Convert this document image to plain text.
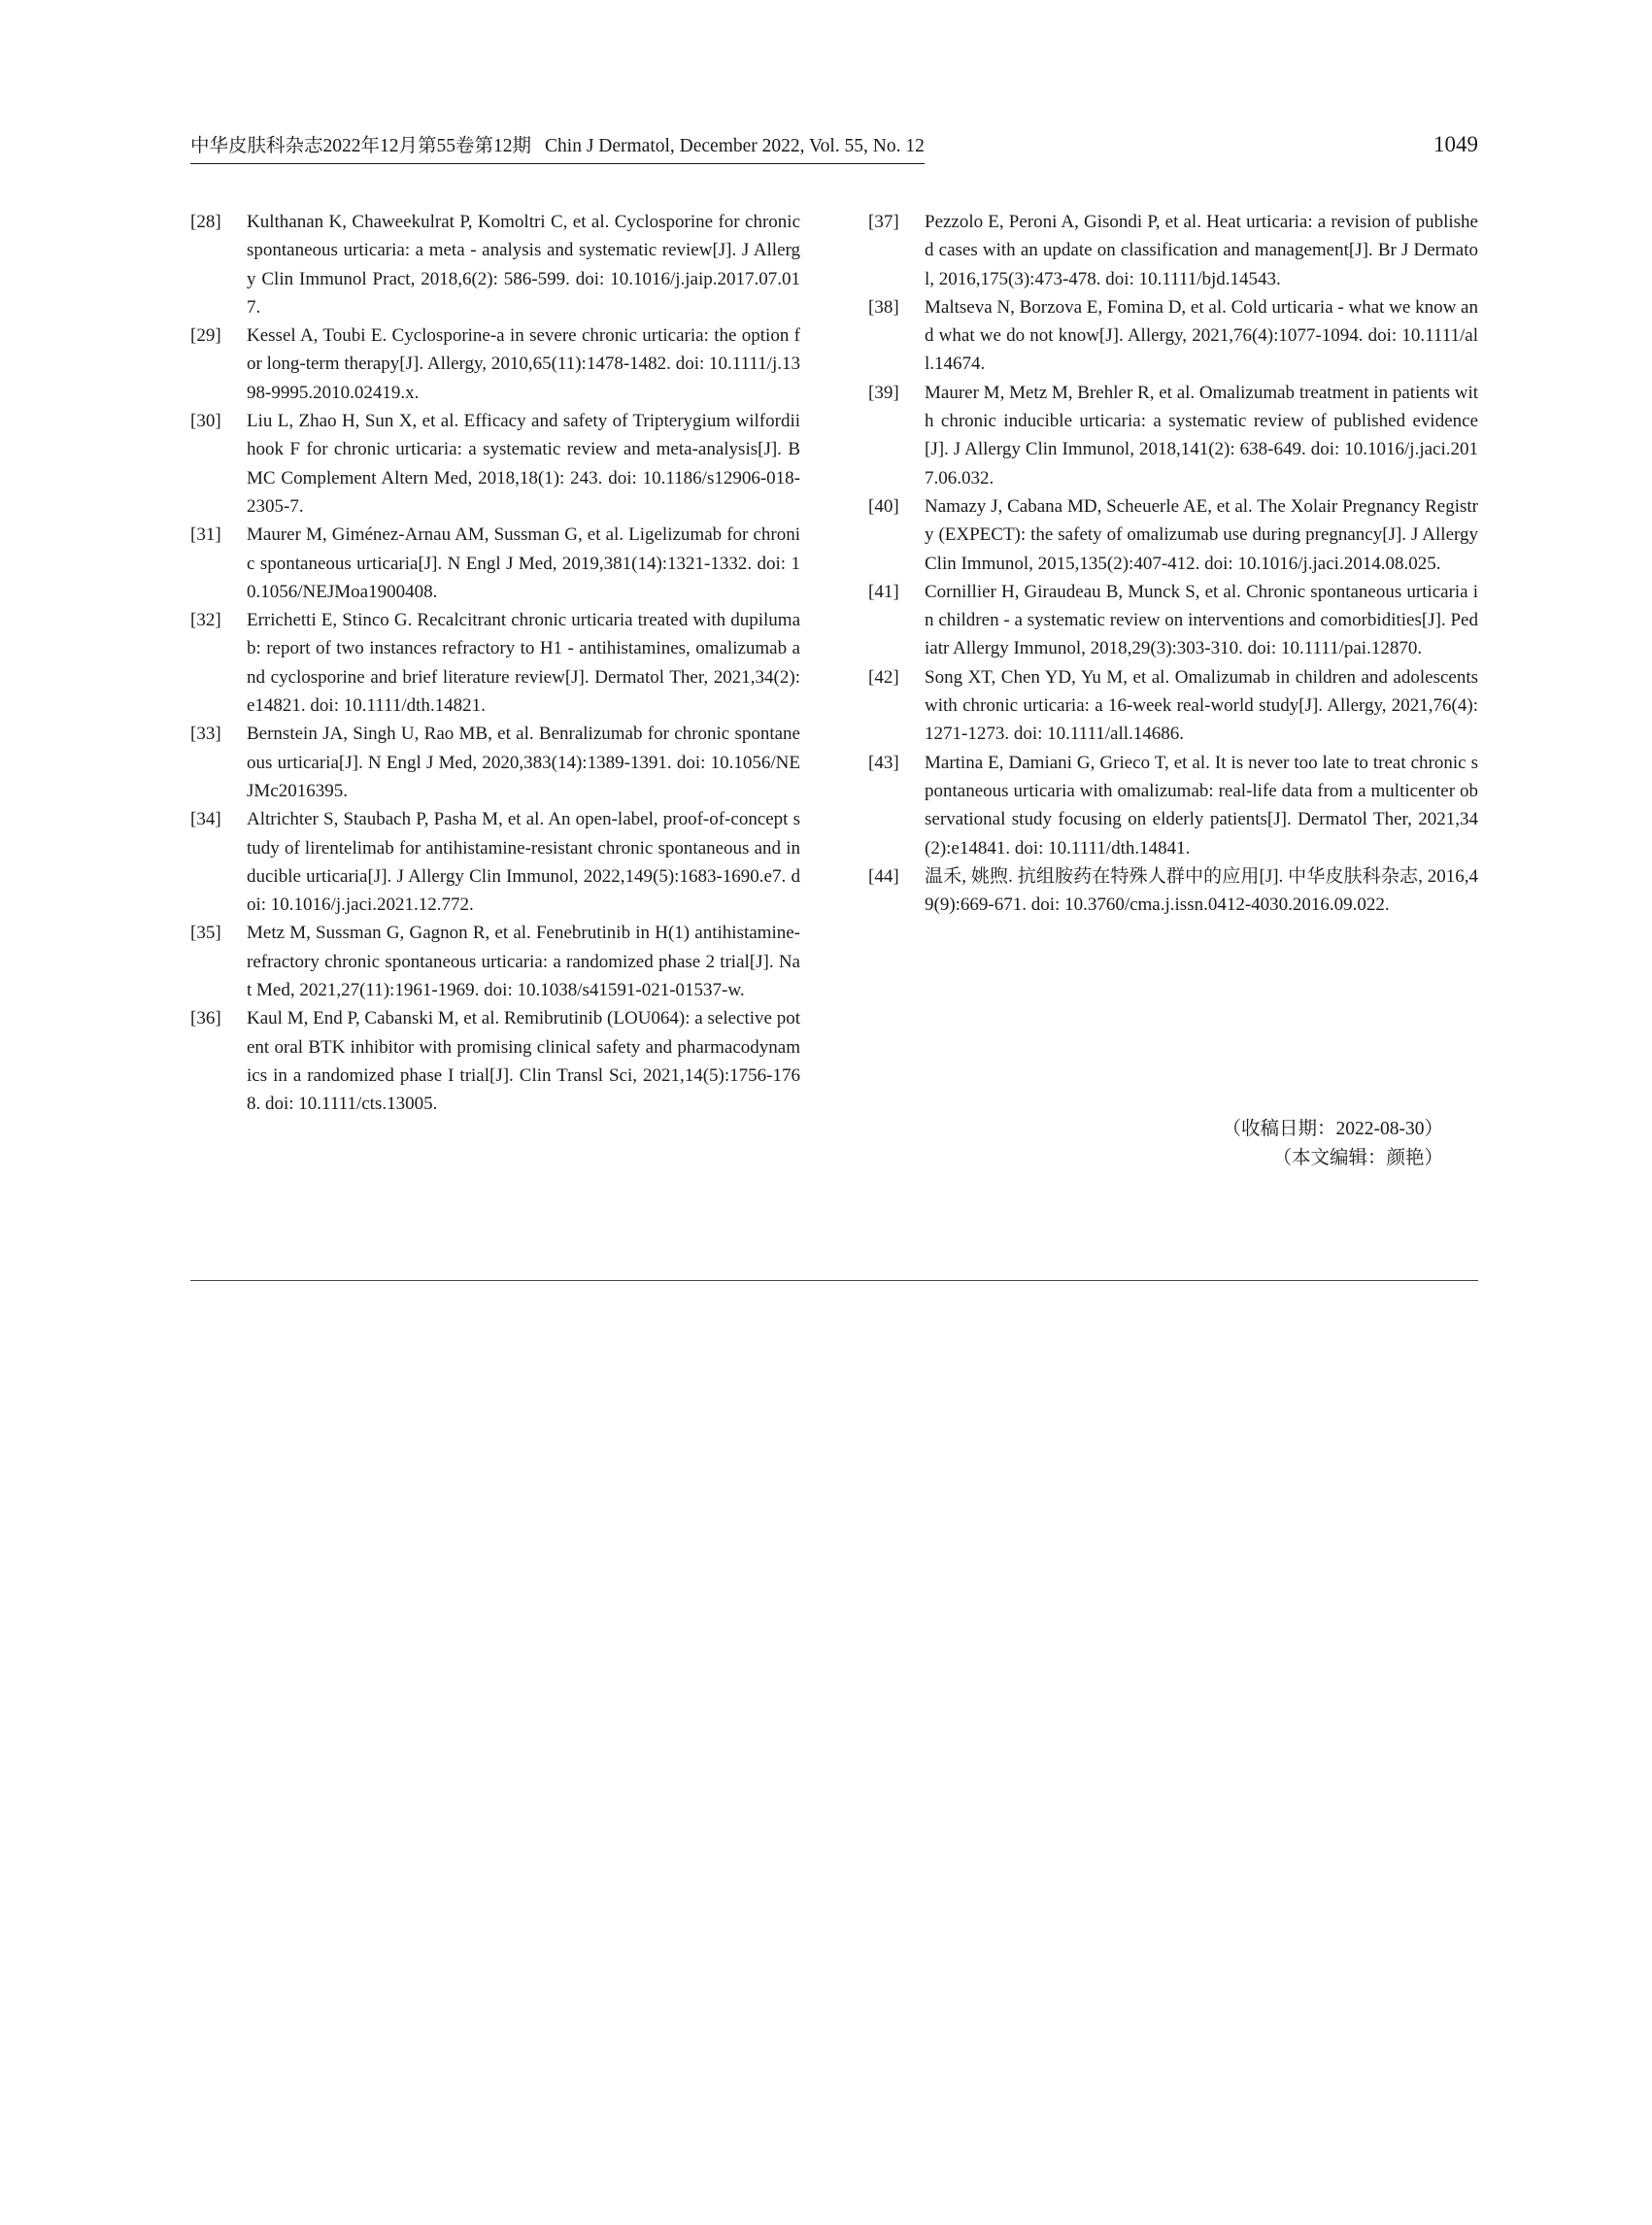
中华皮肤科杂志2022年12月第55卷第12期 Chin J Dermatol, December 2022, Vol. 55, No. 12	1049

[28] Kulthanan K, Chaweekulrat P, Komoltri C, et al. Cyclosporine for chronic spontaneous urticaria: a meta - analysis and systematic review[J]. J Allergy Clin Immunol Pract, 2018,6(2): 586-599. doi: 10.1016/j.jaip.2017.07.017.

[29] Kessel A, Toubi E. Cyclosporine-a in severe chronic urticaria: the option for long-term therapy[J]. Allergy, 2010,65(11):1478-1482. doi: 10.1111/j.1398-9995.2010.02419.x.

[30] Liu L, Zhao H, Sun X, et al. Efficacy and safety of Tripterygium wilfordii hook F for chronic urticaria: a systematic review and meta-analysis[J]. BMC Complement Altern Med, 2018,18(1): 243. doi: 10.1186/s12906-018-2305-7.

[31] Maurer M, Giménez-Arnau AM, Sussman G, et al. Ligelizumab for chronic spontaneous urticaria[J]. N Engl J Med, 2019,381(14):1321-1332. doi: 10.1056/NEJMoa1900408.

[32] Errichetti E, Stinco G. Recalcitrant chronic urticaria treated with dupilumab: report of two instances refractory to H1 - antihistamines, omalizumab and cyclosporine and brief literature review[J]. Dermatol Ther, 2021,34(2):e14821. doi: 10.1111/dth.14821.

[33] Bernstein JA, Singh U, Rao MB, et al. Benralizumab for chronic spontaneous urticaria[J]. N Engl J Med, 2020,383(14):1389-1391. doi: 10.1056/NEJMc2016395.

[34] Altrichter S, Staubach P, Pasha M, et al. An open-label, proof-of-concept study of lirentelimab for antihistamine-resistant chronic spontaneous and inducible urticaria[J]. J Allergy Clin Immunol, 2022,149(5):1683-1690.e7. doi: 10.1016/j.jaci.2021.12.772.

[35] Metz M, Sussman G, Gagnon R, et al. Fenebrutinib in H(1) antihistamine-refractory chronic spontaneous urticaria: a randomized phase 2 trial[J]. Nat Med, 2021,27(11):1961-1969. doi: 10.1038/s41591-021-01537-w.

[36] Kaul M, End P, Cabanski M, et al. Remibrutinib (LOU064): a selective potent oral BTK inhibitor with promising clinical safety and pharmacodynamics in a randomized phase I trial[J]. Clin Transl Sci, 2021,14(5):1756-1768. doi: 10.1111/cts.13005.

[37] Pezzolo E, Peroni A, Gisondi P, et al. Heat urticaria: a revision of published cases with an update on classification and management[J]. Br J Dermatol, 2016,175(3):473-478. doi: 10.1111/bjd.14543.

[38] Maltseva N, Borzova E, Fomina D, et al. Cold urticaria - what we know and what we do not know[J]. Allergy, 2021,76(4):1077-1094. doi: 10.1111/all.14674.

[39] Maurer M, Metz M, Brehler R, et al. Omalizumab treatment in patients with chronic inducible urticaria: a systematic review of published evidence[J]. J Allergy Clin Immunol, 2018,141(2): 638-649. doi: 10.1016/j.jaci.2017.06.032.

[40] Namazy J, Cabana MD, Scheuerle AE, et al. The Xolair Pregnancy Registry (EXPECT): the safety of omalizumab use during pregnancy[J]. J Allergy Clin Immunol, 2015,135(2):407-412. doi: 10.1016/j.jaci.2014.08.025.

[41] Cornillier H, Giraudeau B, Munck S, et al. Chronic spontaneous urticaria in children - a systematic review on interventions and comorbidities[J]. Pediatr Allergy Immunol, 2018,29(3):303-310. doi: 10.1111/pai.12870.

[42] Song XT, Chen YD, Yu M, et al. Omalizumab in children and adolescents with chronic urticaria: a 16-week real-world study[J]. Allergy, 2021,76(4):1271-1273. doi: 10.1111/all.14686.

[43] Martina E, Damiani G, Grieco T, et al. It is never too late to treat chronic spontaneous urticaria with omalizumab: real-life data from a multicenter observational study focusing on elderly patients[J]. Dermatol Ther, 2021,34(2):e14841. doi: 10.1111/dth.14841.

[44] 温禾, 姚煦. 抗组胺药在特殊人群中的应用[J]. 中华皮肤科杂志, 2016,49(9):669-671. doi: 10.3760/cma.j.issn.0412-4030.2016.09.022.

（收稿日期：2022-08-30）
（本文编辑：颜艳）
